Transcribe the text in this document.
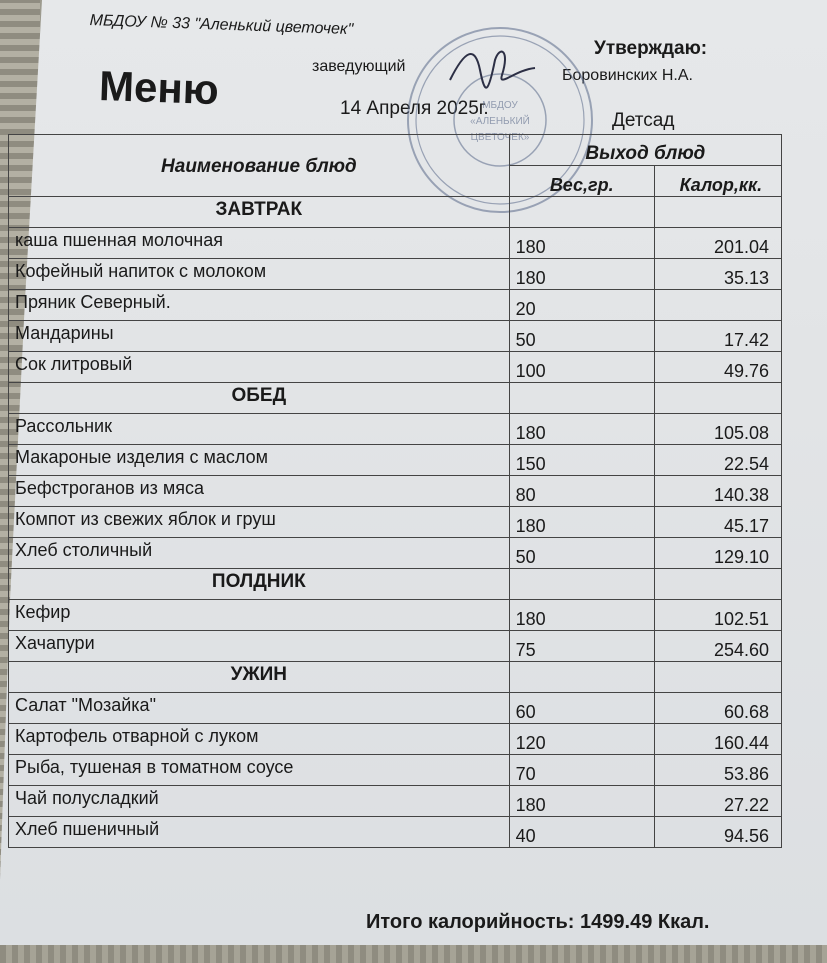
МБДОУ № 33 "Аленький цветочек"
Утверждаю:
заведующий
Боровинских Н.А.
Меню	14 Апреля 2025г.
Детсад
МБДОУ
«АЛЕНЬКИЙ
ЦВЕТОЧЕК»
Наименование блюд	Выход блюд	
	Вес,гр.	Калор,кк.
ЗАВТРАК		
каша пшенная молочная	180	201.04
Кофейный напиток с молоком	180	35.13
Пряник Северный.	20	
Мандарины	50	17.42
Сок литровый	100	49.76
ОБЕД		
Рассольник	180	105.08
Макароные изделия с маслом	150	22.54
Бефстроганов из мяса	80	140.38
Компот из свежих яблок и груш	180	45.17
Хлеб столичный	50	129.10
ПОЛДНИК		
Кефир	180	102.51
Хачапури	75	254.60
УЖИН		
Салат "Мозайка"	60	60.68
Картофель отварной с луком	120	160.44
Рыба, тушеная в томатном соусе	70	53.86
Чай полусладкий	180	27.22
Хлеб пшеничный	40	94.56
Итого калорийность: 1499.49 Ккал.
